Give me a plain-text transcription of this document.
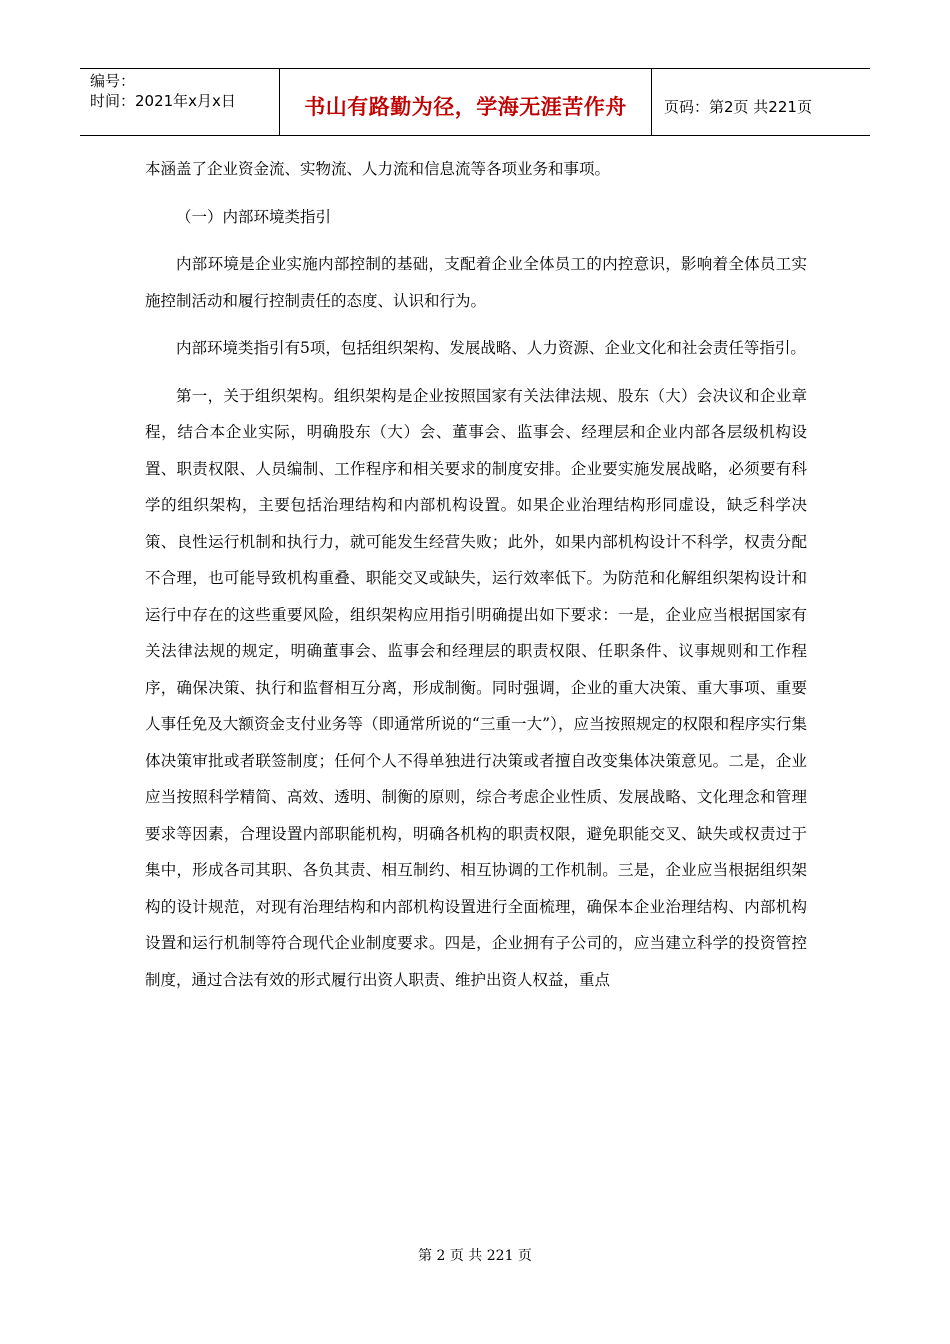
编号：
时间：2021年x月x日	书山有路勤为径，学海无涯苦作舟	页码：第2页 共221页

本涵盖了企业资金流、实物流、人力流和信息流等各项业务和事项。

（一）内部环境类指引

内部环境是企业实施内部控制的基础，支配着企业全体员工的内控意识，影响着全体员工实施控制活动和履行控制责任的态度、认识和行为。

内部环境类指引有5项，包括组织架构、发展战略、人力资源、企业文化和社会责任等指引。

第一，关于组织架构。组织架构是企业按照国家有关法律法规、股东（大）会决议和企业章程，结合本企业实际，明确股东（大）会、董事会、监事会、经理层和企业内部各层级机构设置、职责权限、人员编制、工作程序和相关要求的制度安排。企业要实施发展战略，必须要有科学的组织架构，主要包括治理结构和内部机构设置。如果企业治理结构形同虚设，缺乏科学决策、良性运行机制和执行力，就可能发生经营失败；此外，如果内部机构设计不科学，权责分配不合理，也可能导致机构重叠、职能交叉或缺失，运行效率低下。为防范和化解组织架构设计和运行中存在的这些重要风险，组织架构应用指引明确提出如下要求：一是，企业应当根据国家有关法律法规的规定，明确董事会、监事会和经理层的职责权限、任职条件、议事规则和工作程序，确保决策、执行和监督相互分离，形成制衡。同时强调，企业的重大决策、重大事项、重要人事任免及大额资金支付业务等（即通常所说的“三重一大”），应当按照规定的权限和程序实行集体决策审批或者联签制度；任何个人不得单独进行决策或者擅自改变集体决策意见。二是，企业应当按照科学精简、高效、透明、制衡的原则，综合考虑企业性质、发展战略、文化理念和管理要求等因素，合理设置内部职能机构，明确各机构的职责权限，避免职能交叉、缺失或权责过于集中，形成各司其职、各负其责、相互制约、相互协调的工作机制。三是，企业应当根据组织架构的设计规范，对现有治理结构和内部机构设置进行全面梳理，确保本企业治理结构、内部机构设置和运行机制等符合现代企业制度要求。四是，企业拥有子公司的，应当建立科学的投资管控制度，通过合法有效的形式履行出资人职责、维护出资人权益，重点

第 2 页 共 221 页
